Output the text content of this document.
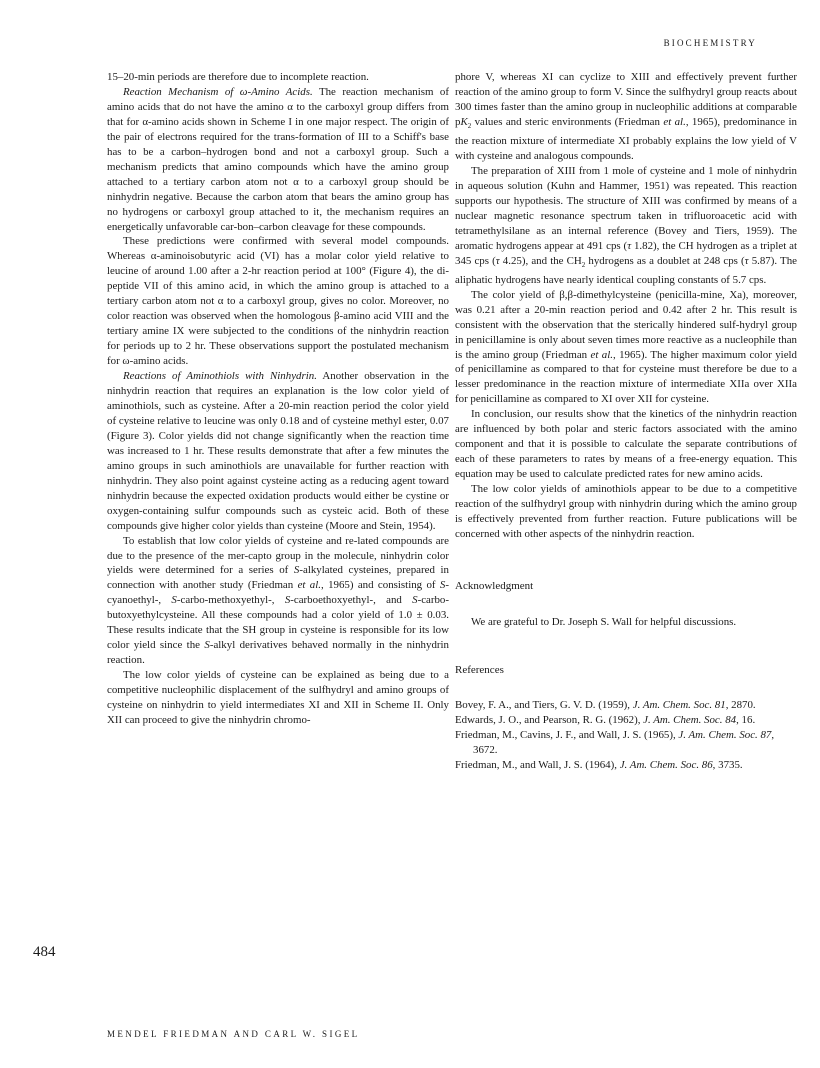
BIOCHEMISTRY

15–20-min periods are therefore due to incomplete reaction.

Reaction Mechanism of ω-Amino Acids. The reaction mechanism of amino acids that do not have the amino α to the carboxyl group differs from that for α-amino acids shown in Scheme I in one major respect. The origin of the pair of electrons required for the trans-formation of III to a Schiff's base has to be a carbon–hydrogen bond and not a carboxyl group. Such a mechanism predicts that amino compounds which have the amino group attached to a tertiary carbon atom not α to a carboxyl group should be ninhydrin negative. Because the carbon atom that bears the amino group has no hydrogens or carboxyl group attached to it, the mechanism requires an energetically unfavorable car-bon–carbon cleavage for these compounds.

These predictions were confirmed with several model compounds. Whereas α-aminoisobutyric acid (VI) has a molar color yield relative to leucine of around 1.00 after a 2-hr reaction period at 100° (Figure 4), the di-peptide VII of this amino acid, in which the amino group is attached to a tertiary carbon atom not α to a carboxyl group, gives no color. Moreover, no color reaction was observed when the homologous β-amino acid VIII and the tertiary amine IX were subjected to the conditions of the ninhydrin reaction for periods up to 2 hr. These observations support the postulated mechanism for ω-amino acids.

Reactions of Aminothiols with Ninhydrin. Another observation in the ninhydrin reaction that requires an explanation is the low color yield of aminothiols, such as cysteine. After a 20-min reaction period the color yield of cysteine relative to leucine was only 0.18 and of cysteine methyl ester, 0.07 (Figure 3). Color yields did not change significantly when the reaction time was increased to 1 hr. These results demonstrate that after a few minutes the amino groups in such aminothiols are unavailable for further reaction with ninhydrin. They also point against cysteine acting as a reducing agent toward ninhydrin because the expected oxidation products would either be cystine or oxygen-containing sulfur compounds such as cysteic acid. Both of these compounds give higher color yields than cysteine (Moore and Stein, 1954).

To establish that low color yields of cysteine and re-lated compounds are due to the presence of the mer-capto group in the molecule, ninhydrin color yields were determined for a series of S-alkylated cysteines, prepared in connection with another study (Friedman et al., 1965) and consisting of S-cyanoethyl-, S-carbo-methoxyethyl-, S-carboethoxyethyl-, and S-carbo-butoxyethylcysteine. All these compounds had a color yield of 1.0 ± 0.03. These results indicate that the SH group in cysteine is responsible for its low color yield since the S-alkyl derivatives behaved normally in the ninhydrin reaction.

The low color yields of cysteine can be explained as being due to a competitive nucleophilic displacement of the sulfhydryl and amino groups of cysteine on ninhydrin to yield intermediates XI and XII in Scheme II. Only XII can proceed to give the ninhydrin chromo-

phore V, whereas XI can cyclize to XIII and effectively prevent further reaction of the amino group to form V. Since the sulfhydryl group reacts about 300 times faster than the amino group in nucleophilic additions at comparable $pK_2$ values and steric environments (Friedman et al., 1965), predominance in the reaction mixture of intermediate XI probably explains the low yield of V with cysteine and analogous compounds.

The preparation of XIII from 1 mole of cysteine and 1 mole of ninhydrin in aqueous solution (Kuhn and Hammer, 1951) was repeated. This reaction supports our hypothesis. The structure of XIII was confirmed by means of a nuclear magnetic resonance spectrum taken in trifluoroacetic acid with tetramethylsilane as an internal reference (Bovey and Tiers, 1959). The aromatic hydrogens appear at 491 cps (τ 1.82), the CH hydrogen as a triplet at 345 cps (τ 4.25), and the $CH_2$ hydrogens as a doublet at 248 cps (τ 5.87). The aliphatic hydrogens have nearly identical coupling constants of 5.7 cps.

The color yield of β,β-dimethylcysteine (penicilla-mine, Xa), moreover, was 0.21 after a 20-min reaction period and 0.42 after 2 hr. This result is consistent with the observation that the sterically hindered sulf-hydryl group in penicillamine is only about seven times more reactive as a nucleophile than is the amino group (Friedman et al., 1965). The higher maximum color yield of penicillamine as compared to that for cysteine must therefore be due to a lesser predominance in the reaction mixture of intermediate XIIa over XIIa for penicillamine as compared to XI over XII for cysteine.

In conclusion, our results show that the kinetics of the ninhydrin reaction are influenced by both polar and steric factors associated with the amino component and that it is possible to calculate the separate contributions of each of these parameters to rates by means of a free-energy equation. This equation may be used to calculate predicted rates for new amino acids.

The low color yields of aminothiols appear to be due to a competitive reaction of the sulfhydryl group with ninhydrin during which the amino group is effectively prevented from further reaction. Future publications will be concerned with other aspects of the ninhydrin reaction.

Acknowledgment

We are grateful to Dr. Joseph S. Wall for helpful discussions.

References
Bovey, F. A., and Tiers, G. V. D. (1959), J. Am. Chem. Soc. 81, 2870.
Edwards, J. O., and Pearson, R. G. (1962), J. Am. Chem. Soc. 84, 16.
Friedman, M., Cavins, J. F., and Wall, J. S. (1965), J. Am. Chem. Soc. 87, 3672.
Friedman, M., and Wall, J. S. (1964), J. Am. Chem. Soc. 86, 3735.
484
MENDEL FRIEDMAN AND CARL W. SIGEL
